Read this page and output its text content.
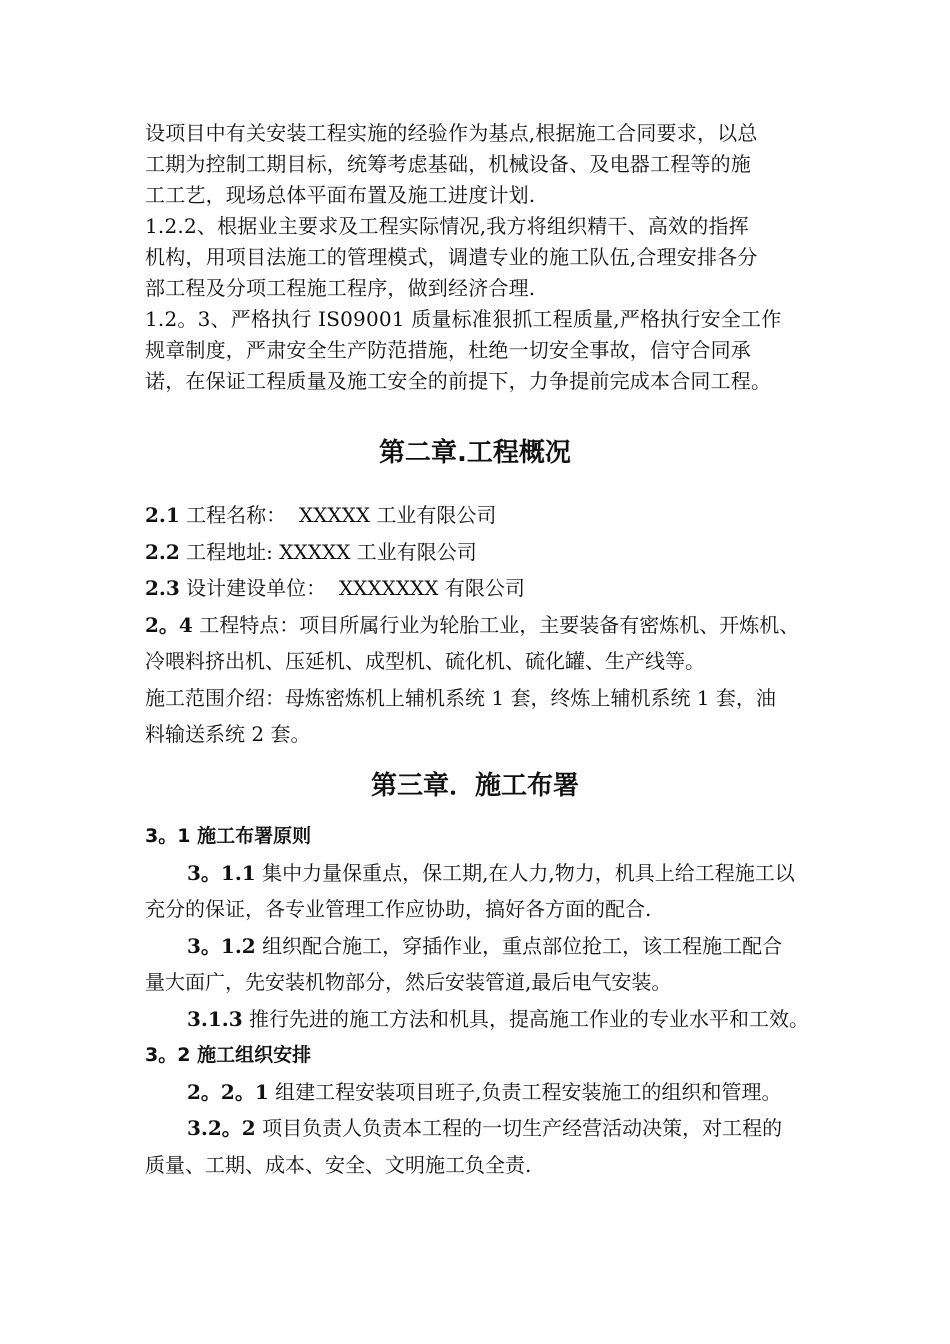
设项目中有关安装工程实施的经验作为基点,根据施工合同要求，以总

工期为控制工期目标，统筹考虑基础，机械设备、及电器工程等的施

工工艺，现场总体平面布置及施工进度计划.

1.2.2、根据业主要求及工程实际情况,我方将组织精干、高效的指挥

机构，用项目法施工的管理模式，调遣专业的施工队伍,合理安排各分

部工程及分项工程施工程序，做到经济合理.

1.2。3、严格执行 IS09001 质量标准狠抓工程质量,严格执行安全工作

规章制度，严肃安全生产防范措施，杜绝一切安全事故，信守合同承

诺，在保证工程质量及施工安全的前提下，力争提前完成本合同工程。

第二章.工程概况

2.1 工程名称：  XXXXX 工业有限公司

2.2 工程地址: XXXXX 工业有限公司

2.3 设计建设单位：  XXXXXXX 有限公司

2。4 工程特点：项目所属行业为轮胎工业，主要装备有密炼机、开炼机、

冷喂料挤出机、压延机、成型机、硫化机、硫化罐、生产线等。

施工范围介绍：母炼密炼机上辅机系统 1 套，终炼上辅机系统 1 套，油

料输送系统 2 套。

第三章．施工布署

3。1 施工布署原则

3。1.1 集中力量保重点，保工期,在人力,物力，机具上给工程施工以

充分的保证，各专业管理工作应协助，搞好各方面的配合.

3。1.2 组织配合施工，穿插作业，重点部位抢工，该工程施工配合

量大面广，先安装机物部分，然后安装管道,最后电气安装。

3.1.3 推行先进的施工方法和机具，提高施工作业的专业水平和工效。

3。2 施工组织安排

2。2。1 组建工程安装项目班子,负责工程安装施工的组织和管理。

3.2。2 项目负责人负责本工程的一切生产经营活动决策，对工程的

质量、工期、成本、安全、文明施工负全责.
